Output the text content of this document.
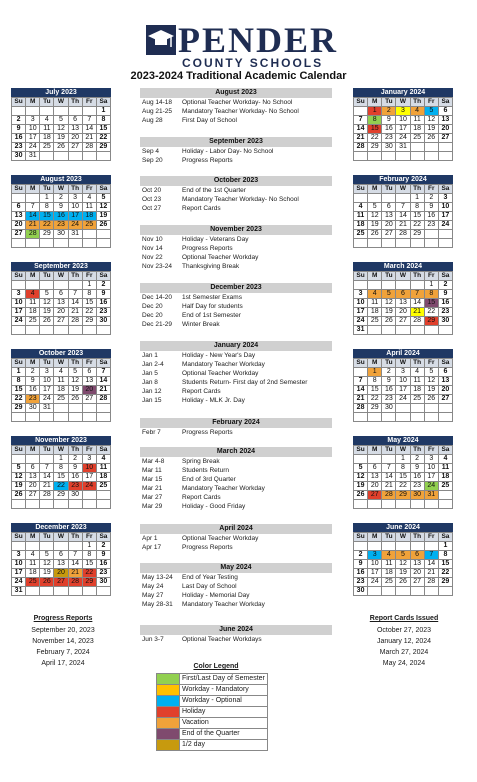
PENDER
COUNTY SCHOOLS
2023-2024 Traditional Academic Calendar
July 2023
Su	M	Tu	W	Th	Fr	Sa
						1
2	3	4	5	6	7	8
9	10	11	12	13	14	15
16	17	18	19	20	21	22
23	24	25	26	27	28	29
30	31					
August 2023
Su	M	Tu	W	Th	Fr	Sa
		1	2	3	4	5
6	7	8	9	10	11	12
13	14	15	16	17	18	19
20	21	22	23	24	25	26
27	28	29	30	31		

September 2023
Su	M	Tu	W	Th	Fr	Sa
					1	2
3	4	5	6	7	8	9
10	11	12	13	14	15	16
17	18	19	20	21	22	23
24	25	26	27	28	29	30

October 2023
Su	M	Tu	W	Th	Fr	Sa
1	2	3	4	5	6	7
8	9	10	11	12	13	14
15	16	17	18	19	20	21
22	23	24	25	26	27	28
29	30	31				

November 2023
Su	M	Tu	W	Th	Fr	Sa
			1	2	3	4
5	6	7	8	9	10	11
12	13	14	15	16	17	18
19	20	21	22	23	24	25
26	27	28	29	30		

December 2023
Su	M	Tu	W	Th	Fr	Sa
					1	2
3	4	5	6	7	8	9
10	11	12	13	14	15	16
17	18	19	20	21	22	23
24	25	26	27	28	29	30
31						
January 2024
Su	M	Tu	W	Th	Fr	Sa
	1	2	3	4	5	6
7	8	9	10	11	12	13
14	15	16	17	18	19	20
21	22	23	24	25	26	27
28	29	30	31			

February 2024
Su	M	Tu	W	Th	Fr	Sa
				1	2	3
4	5	6	7	8	9	10
11	12	13	14	15	16	17
18	19	20	21	22	23	24
25	26	27	28	29		

March 2024
Su	M	Tu	W	Th	Fr	Sa
					1	2
3	4	5	6	7	8	9
10	11	12	13	14	15	16
17	18	19	20	21	22	23
24	25	26	27	28	29	30
31						
April 2024
Su	M	Tu	W	Th	Fr	Sa
	1	2	3	4	5	6
7	8	9	10	11	12	13
14	15	16	17	18	19	20
21	22	23	24	25	26	27
28	29	30				

May 2024
Su	M	Tu	W	Th	Fr	Sa
			1	2	3	4
5	6	7	8	9	10	11
12	13	14	15	16	17	18
19	20	21	22	23	24	25
26	27	28	29	30	31	

June 2024
Su	M	Tu	W	Th	Fr	Sa
						1
2	3	4	5	6	7	8
9	10	11	12	13	14	15
16	17	18	19	20	21	22
23	24	25	26	27	28	29
30						
August 2023
Aug 14-18 Optional Teacher Workday- No School
Aug 21-25 Mandatory Teacher Workday- No School
Aug 28	First Day of School
September 2023
Sep 4	Holiday - Labor Day- No School
Sep 20	Progress Reports
October 2023
Oct 20	End of the 1st Quarter
Oct 23	Mandatory Teacher Workday- No School
Oct 27	Report Cards
November 2023
Nov 10	Holiday - Veterans Day
Nov 14	Progress Reports
Nov 22	Optional Teacher Workday
Nov 23-24 Thanksgiving Break
December 2023
Dec 14-20 1st Semester Exams
Dec 20	Half Day for students
Dec 20	End of 1st Semester
Dec 21-29 Winter Break
January 2024
Jan 1	Holiday - New Year's Day
Jan 2-4	Mandatory Teacher Workday
Jan 5	Optional Teacher Workday
Jan 8	Students Return- First day of 2nd Semester
Jan 12	Report Cards
Jan 15	Holiday - MLK Jr. Day
February 2024
Febr 7	Progress Reports
March 2024
Mar 4-8	Spring Break
Mar 11	Students Return
Mar 15	End of 3rd Quarter
Mar 21	Mandatory Teacher Workday
Mar 27	Report Cards
Mar 29	Holiday - Good Friday
April 2024
Apr 1	Optional Teacher Workday
Apr 17	Progress Reports
May 2024
May 13-24 End of Year Testing
May 24	Last Day of School
May 27	Holiday - Memorial Day
May 28-31 Mandatory Teacher Workday
June 2024
Jun 3-7	Optional Teacher Workdays
Progress Reports
September 20, 2023
November 14, 2023
February 7, 2024
April 17, 2024
Report Cards Issued
October 27, 2023
January 12, 2024
March 27, 2024
May 24, 2024
Color Legend
	First/Last Day of Semester
	Workday - Mandatory
	Workday - Optional
	Holiday
	Vacation
	End of the Quarter
	1/2 day
